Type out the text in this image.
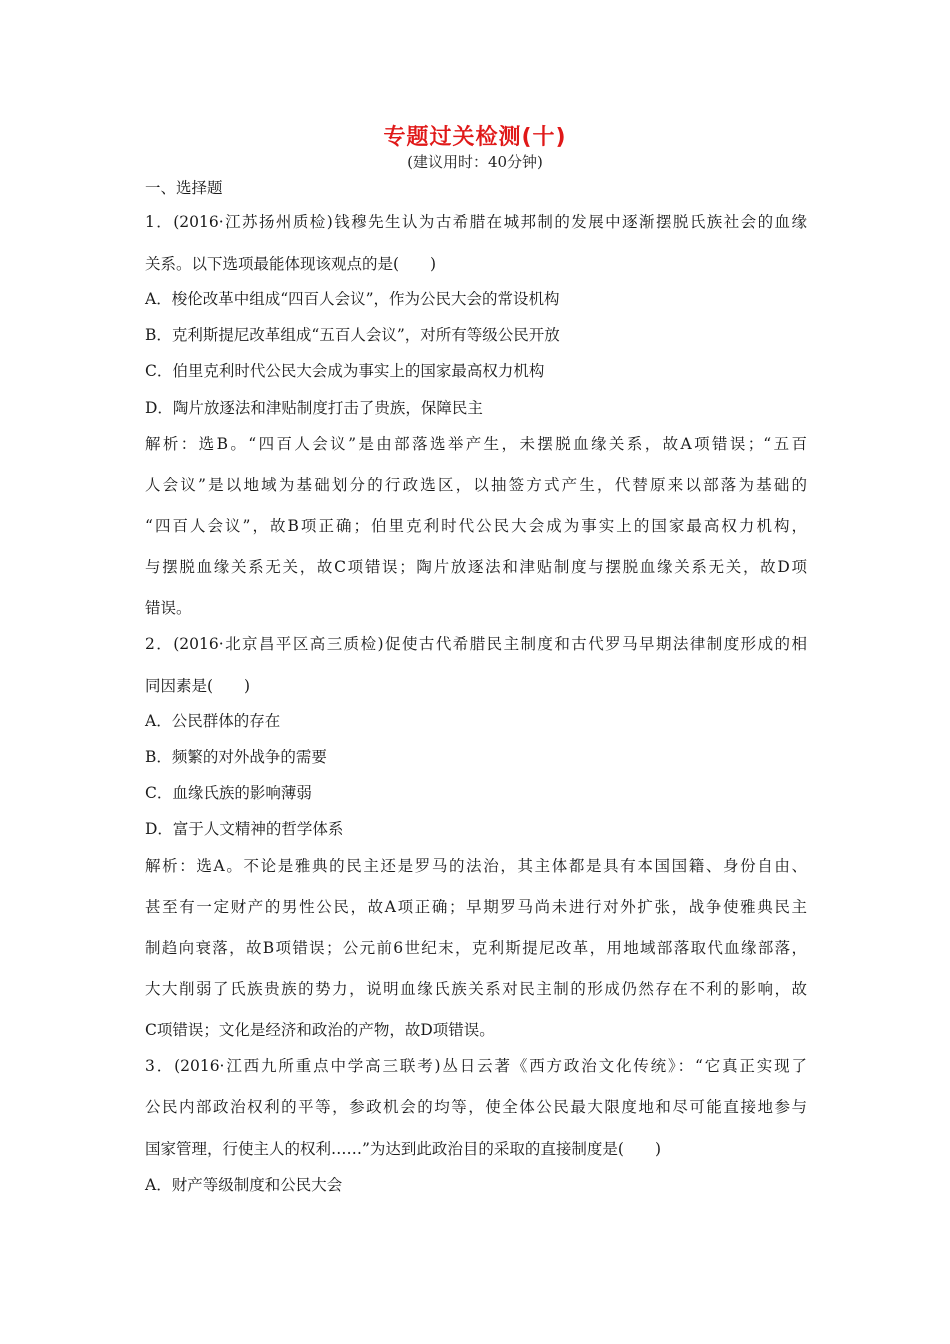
专题过关检测(十)
(建议用时：40分钟)
一、选择题
1．(2016·江苏扬州质检)钱穆先生认为古希腊在城邦制的发展中逐渐摆脱氏族社会的血缘
关系。以下选项最能体现该观点的是(　　)
A．梭伦改革中组成“四百人会议”，作为公民大会的常设机构
B．克利斯提尼改革组成“五百人会议”，对所有等级公民开放
C．伯里克利时代公民大会成为事实上的国家最高权力机构
D．陶片放逐法和津贴制度打击了贵族，保障民主
解析：选B。“四百人会议”是由部落选举产生，未摆脱血缘关系，故A项错误；“五百
人会议”是以地域为基础划分的行政选区，以抽签方式产生，代替原来以部落为基础的
“四百人会议”，故B项正确；伯里克利时代公民大会成为事实上的国家最高权力机构，
与摆脱血缘关系无关，故C项错误；陶片放逐法和津贴制度与摆脱血缘关系无关，故D项
错误。
2．(2016·北京昌平区高三质检)促使古代希腊民主制度和古代罗马早期法律制度形成的相
同因素是(　　)
A．公民群体的存在
B．频繁的对外战争的需要
C．血缘氏族的影响薄弱
D．富于人文精神的哲学体系
解析：选A。不论是雅典的民主还是罗马的法治，其主体都是具有本国国籍、身份自由、
甚至有一定财产的男性公民，故A项正确；早期罗马尚未进行对外扩张，战争使雅典民主
制趋向衰落，故B项错误；公元前6世纪末，克利斯提尼改革，用地域部落取代血缘部落，
大大削弱了氏族贵族的势力，说明血缘氏族关系对民主制的形成仍然存在不利的影响，故
C项错误；文化是经济和政治的产物，故D项错误。
3．(2016·江西九所重点中学高三联考)丛日云著《西方政治文化传统》：“它真正实现了
公民内部政治权利的平等，参政机会的均等，使全体公民最大限度地和尽可能直接地参与
国家管理，行使主人的权利……”为达到此政治目的采取的直接制度是(　　)
A．财产等级制度和公民大会
